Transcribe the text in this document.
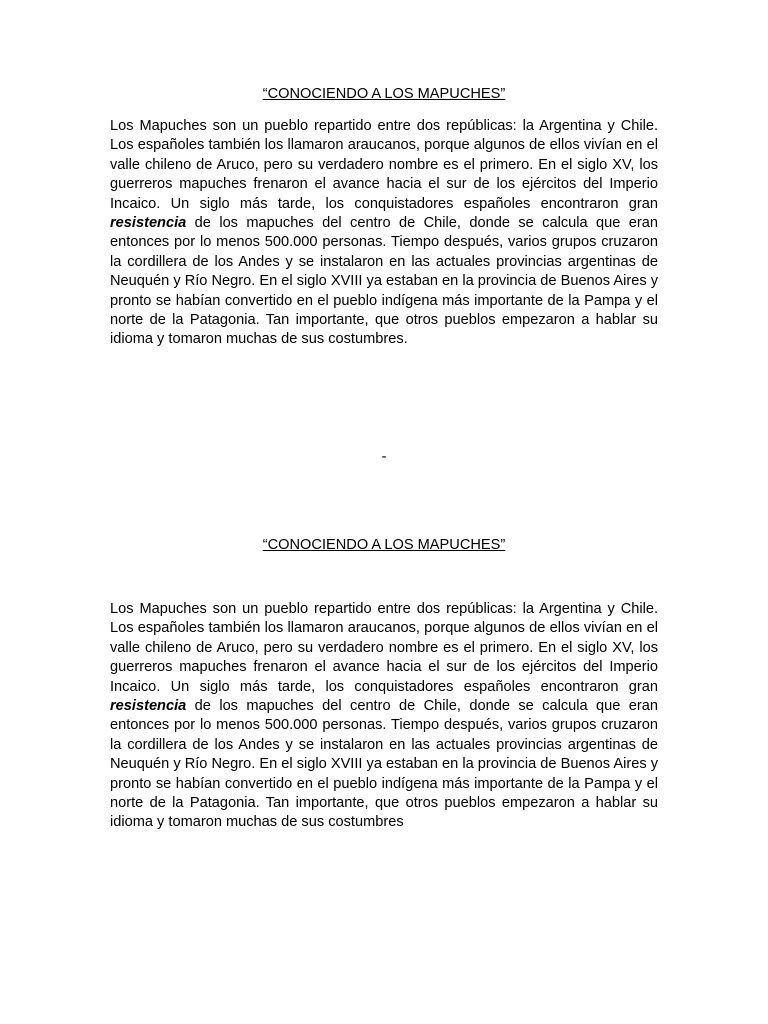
“CONOCIENDO A LOS MAPUCHES”

Los Mapuches son un pueblo repartido entre dos repúblicas: la Argentina y Chile. Los españoles también los llamaron araucanos, porque algunos de ellos vivían en el valle chileno de Aruco, pero su verdadero nombre es el primero. En el siglo XV, los guerreros mapuches frenaron el avance hacia el sur de los ejércitos del Imperio Incaico. Un siglo más tarde, los conquistadores españoles encontraron gran resistencia de los mapuches del centro de Chile, donde se calcula que eran entonces por lo menos 500.000 personas. Tiempo después, varios grupos cruzaron la cordillera de los Andes y se instalaron en las actuales provincias argentinas de Neuquén y Río Negro. En el siglo XVIII ya estaban en la provincia de Buenos Aires y pronto se habían convertido en el pueblo indígena más importante de la Pampa y el norte de la Patagonia. Tan importante, que otros pueblos empezaron a hablar su idioma y tomaron muchas de sus costumbres.

-
“CONOCIENDO A LOS MAPUCHES”

Los Mapuches son un pueblo repartido entre dos repúblicas: la Argentina y Chile. Los españoles también los llamaron araucanos, porque algunos de ellos vivían en el valle chileno de Aruco, pero su verdadero nombre es el primero. En el siglo XV, los guerreros mapuches frenaron el avance hacia el sur de los ejércitos del Imperio Incaico. Un siglo más tarde, los conquistadores españoles encontraron gran resistencia de los mapuches del centro de Chile, donde se calcula que eran entonces por lo menos 500.000 personas. Tiempo después, varios grupos cruzaron la cordillera de los Andes y se instalaron en las actuales provincias argentinas de Neuquén y Río Negro. En el siglo XVIII ya estaban en la provincia de Buenos Aires y pronto se habían convertido en el pueblo indígena más importante de la Pampa y el norte de la Patagonia. Tan importante, que otros pueblos empezaron a hablar su idioma y tomaron muchas de sus costumbres
